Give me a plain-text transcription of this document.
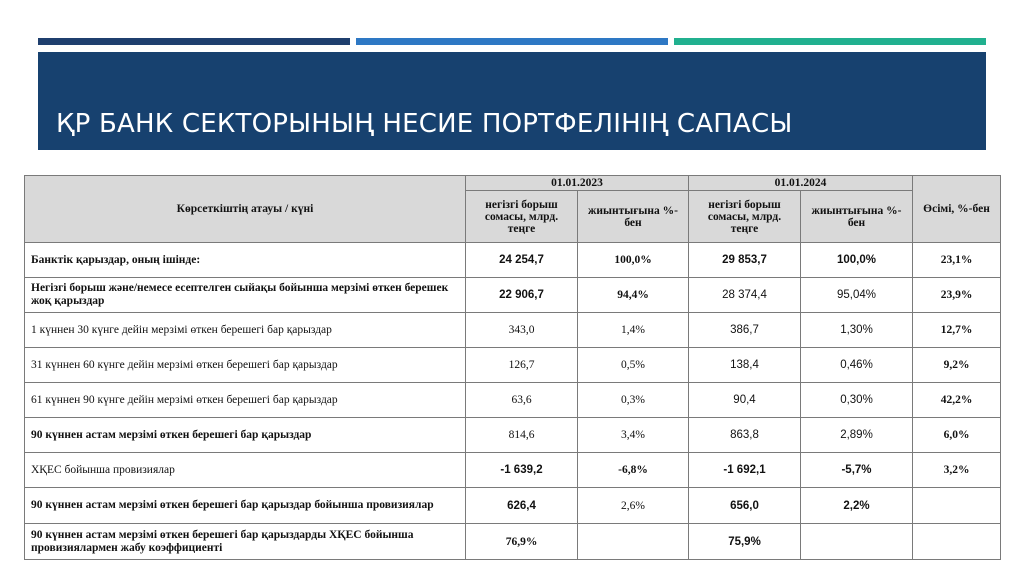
ҚР БАНК СЕКТОРЫНЫҢ НЕСИЕ ПОРТФЕЛІНІҢ САПАСЫ
Көрсеткіштің атауы / күні	01.01.2023		01.01.2024		Өсімі, %-бен
	негізгі борыш сомасы, млрд. теңге	жиынтығына %-бен	негізгі борыш сомасы, млрд. теңге	жиынтығына %-бен	
Банктік қарыздар, оның ішінде:	24 254,7	100,0%	29 853,7	100,0%	23,1%
Негізгі борыш және/немесе есептелген сыйақы бойынша мерзімі өткен берешек жоқ қарыздар	22 906,7	94,4%	28 374,4	95,04%	23,9%
1 күннен 30 күнге дейін мерзімі өткен берешегі бар қарыздар	343,0	1,4%	386,7	1,30%	12,7%
31 күннен 60 күнге дейін мерзімі өткен берешегі бар қарыздар	126,7	0,5%	138,4	0,46%	9,2%
61 күннен 90 күнге дейін мерзімі өткен берешегі бар қарыздар	63,6	0,3%	90,4	0,30%	42,2%
90 күннен астам мерзімі өткен берешегі бар қарыздар	814,6	3,4%	863,8	2,89%	6,0%
ХҚЕС бойынша провизиялар	-1 639,2	-6,8%	-1 692,1	-5,7%	3,2%
90 күннен астам мерзімі өткен берешегі бар қарыздар бойынша провизиялар	626,4	2,6%	656,0	2,2%	
90 күннен астам мерзімі өткен берешегі бар қарыздарды ХҚЕС бойынша провизиялармен жабу коэффициенті	76,9%		75,9%		
